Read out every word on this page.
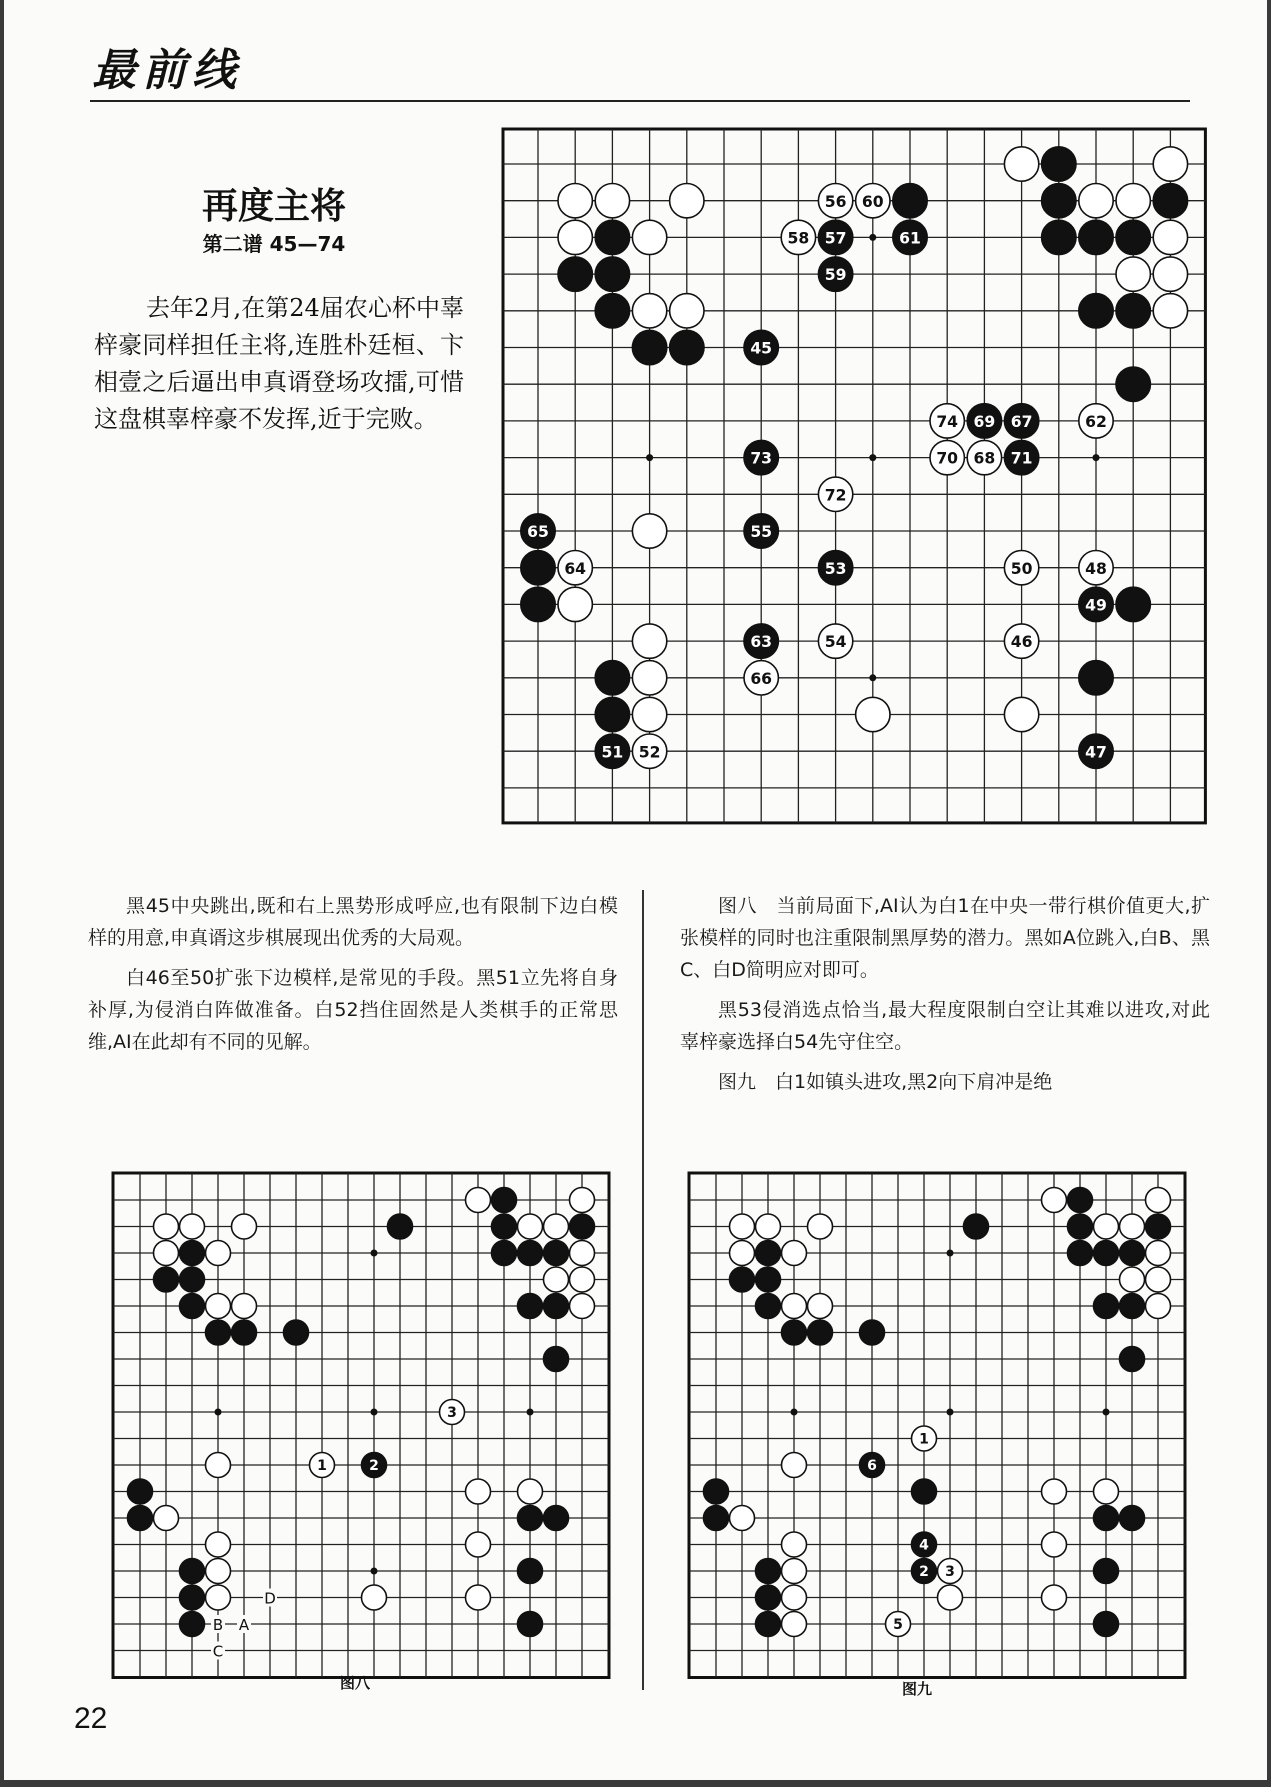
最前线
再度主将
第二谱 45—74
去年2月,在第24届农心杯中辜梓豪同样担任主将,连胜朴廷桓、卞相壹之后逼出申真谞登场攻擂,可惜这盘棋辜梓豪不发挥,近于完败。
56 60
58 57	61
59
45
74 69 67	62
73	70 68 71
72
65	55
64	53	50	48
49
63	54	46
66
51 52	47

黑45中央跳出,既和右上黑势形成呼应,也有限制下边白模样的用意,申真谞这步棋展现出优秀的大局观。

白46至50扩张下边模样,是常见的手段。黑51立先将自身补厚,为侵消白阵做准备。白52挡住固然是人类棋手的正常思维,AI在此却有不同的见解。

图八　当前局面下,AI认为白1在中央一带行棋价值更大,扩张模样的同时也注重限制黑厚势的潜力。黑如A位跳入,白B、黑C、白D简明应对即可。

黑53侵消选点恰当,最大程度限制白空让其难以进攻,对此辜梓豪选择白54先守住空。

图九　白1如镇头进攻,黑2向下肩冲是绝

3
1	2
D
B A
C
图八
1
6
4
2 3
5
图九
22
